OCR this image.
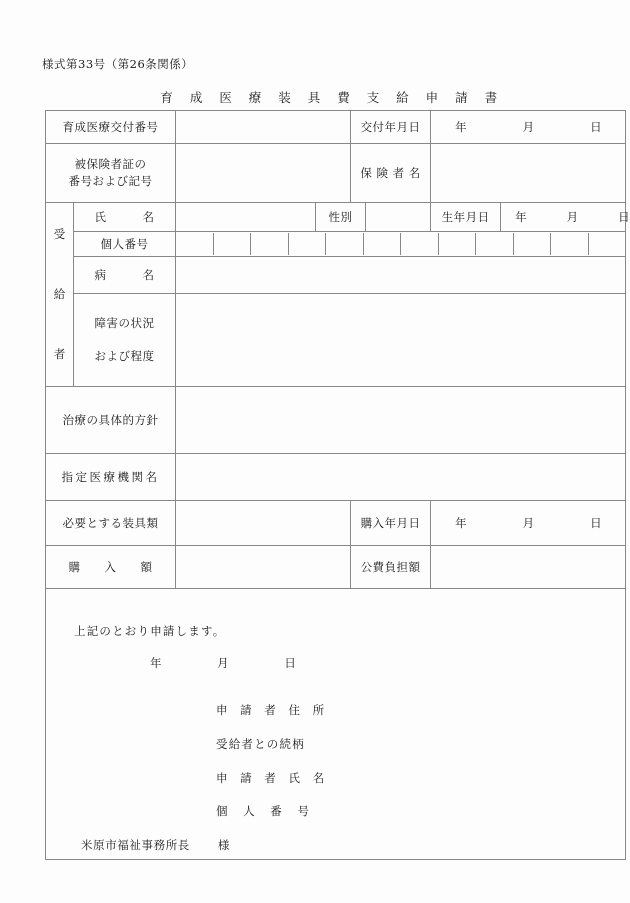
様式第33号（第26条関係）
育 成 医 療 装 具 費 支 給 申 請 書
育成医療交付番号				交付年月日		年 月 日	

被保険者証の
番号および記号				保 険 者 名			

受
給
者	氏　　　名		性別			生年月日	年 月 日

	個人番号						

	病　　　名						
	障害の状況

および程度						
治療の具体的方針							
指定医療機関名							
必要とする装具類				購入年月日		年 月 日	

購　　入　　額				公費負担額			

上記のとおり申請します。
年	月	日
申 請 者 住 所
受給者との続柄
申 請 者 氏 名
個 人 番 号
米原市福祉事務所長 様
